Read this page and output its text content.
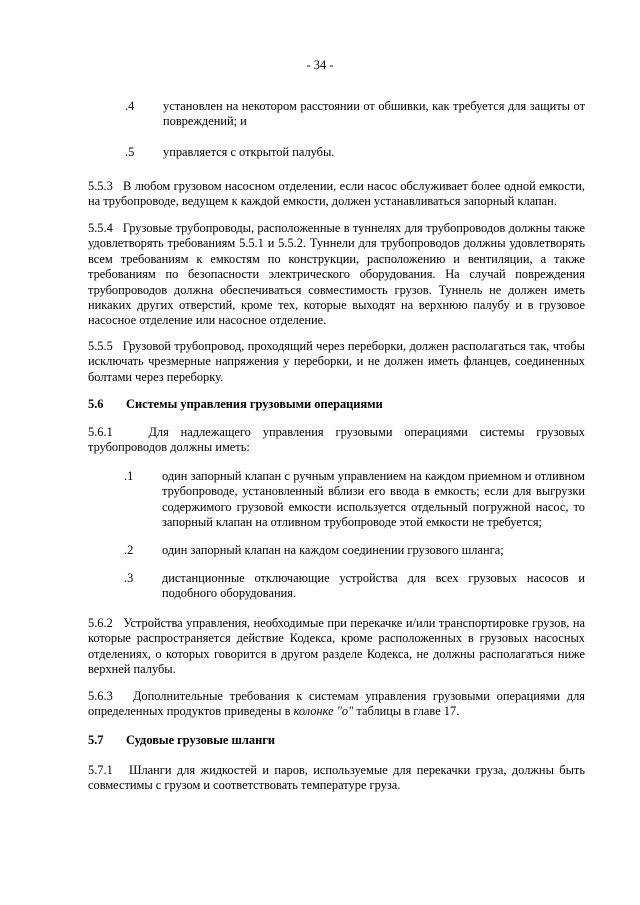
- 34 -
.4	установлен на некотором расстоянии от обшивки, как требуется для защиты от повреждений; и
.5	управляется с открытой палубы.
5.5.3   В любом грузовом насосном отделении, если насос обслуживает более одной емкости, на трубопроводе, ведущем к каждой емкости, должен устанавливаться запорный клапан.
5.5.4   Грузовые трубопроводы, расположенные в туннелях для трубопроводов должны также удовлетворять требованиям 5.5.1 и 5.5.2. Туннели для трубопроводов должны удовлетворять всем требованиям к емкостям по конструкции, расположению и вентиляции, а также требованиям по безопасности электрического оборудования. На случай повреждения трубопроводов должна обеспечиваться совместимость грузов. Туннель не должен иметь никаких других отверстий, кроме тех, которые выходят на верхнюю палубу и в грузовое насосное отделение или насосное отделение.
5.5.5   Грузовой трубопровод, проходящий через переборки, должен располагаться так, чтобы исключать чрезмерные напряжения у переборки, и не должен иметь фланцев, соединенных болтами через переборку.
5.6 Системы управления грузовыми операциями
5.6.1   Для надлежащего управления грузовыми операциями системы грузовых трубопроводов должны иметь:
.1	один запорный клапан с ручным управлением на каждом приемном и отливном трубопроводе, установленный вблизи его ввода в емкость; если для выгрузки содержимого грузовой емкости используется отдельный погружной насос, то запорный клапан на отливном трубопроводе этой емкости не требуется;
.2	один запорный клапан на каждом соединении грузового шланга;
.3	дистанционные отключающие устройства для всех грузовых насосов и подобного оборудования.
5.6.2   Устройства управления, необходимые при перекачке и/или транспортировке грузов, на которые распространяется действие Кодекса, кроме расположенных в грузовых насосных отделениях, о которых говорится в другом разделе Кодекса, не должны располагаться ниже верхней палубы.
5.6.3   Дополнительные требования к системам управления грузовыми операциями для определенных продуктов приведены в колонке "о" таблицы в главе 17.
5.7 Судовые грузовые шланги
5.7.1   Шланги для жидкостей и паров, используемые для перекачки груза, должны быть совместимы с грузом и соответствовать температуре груза.
